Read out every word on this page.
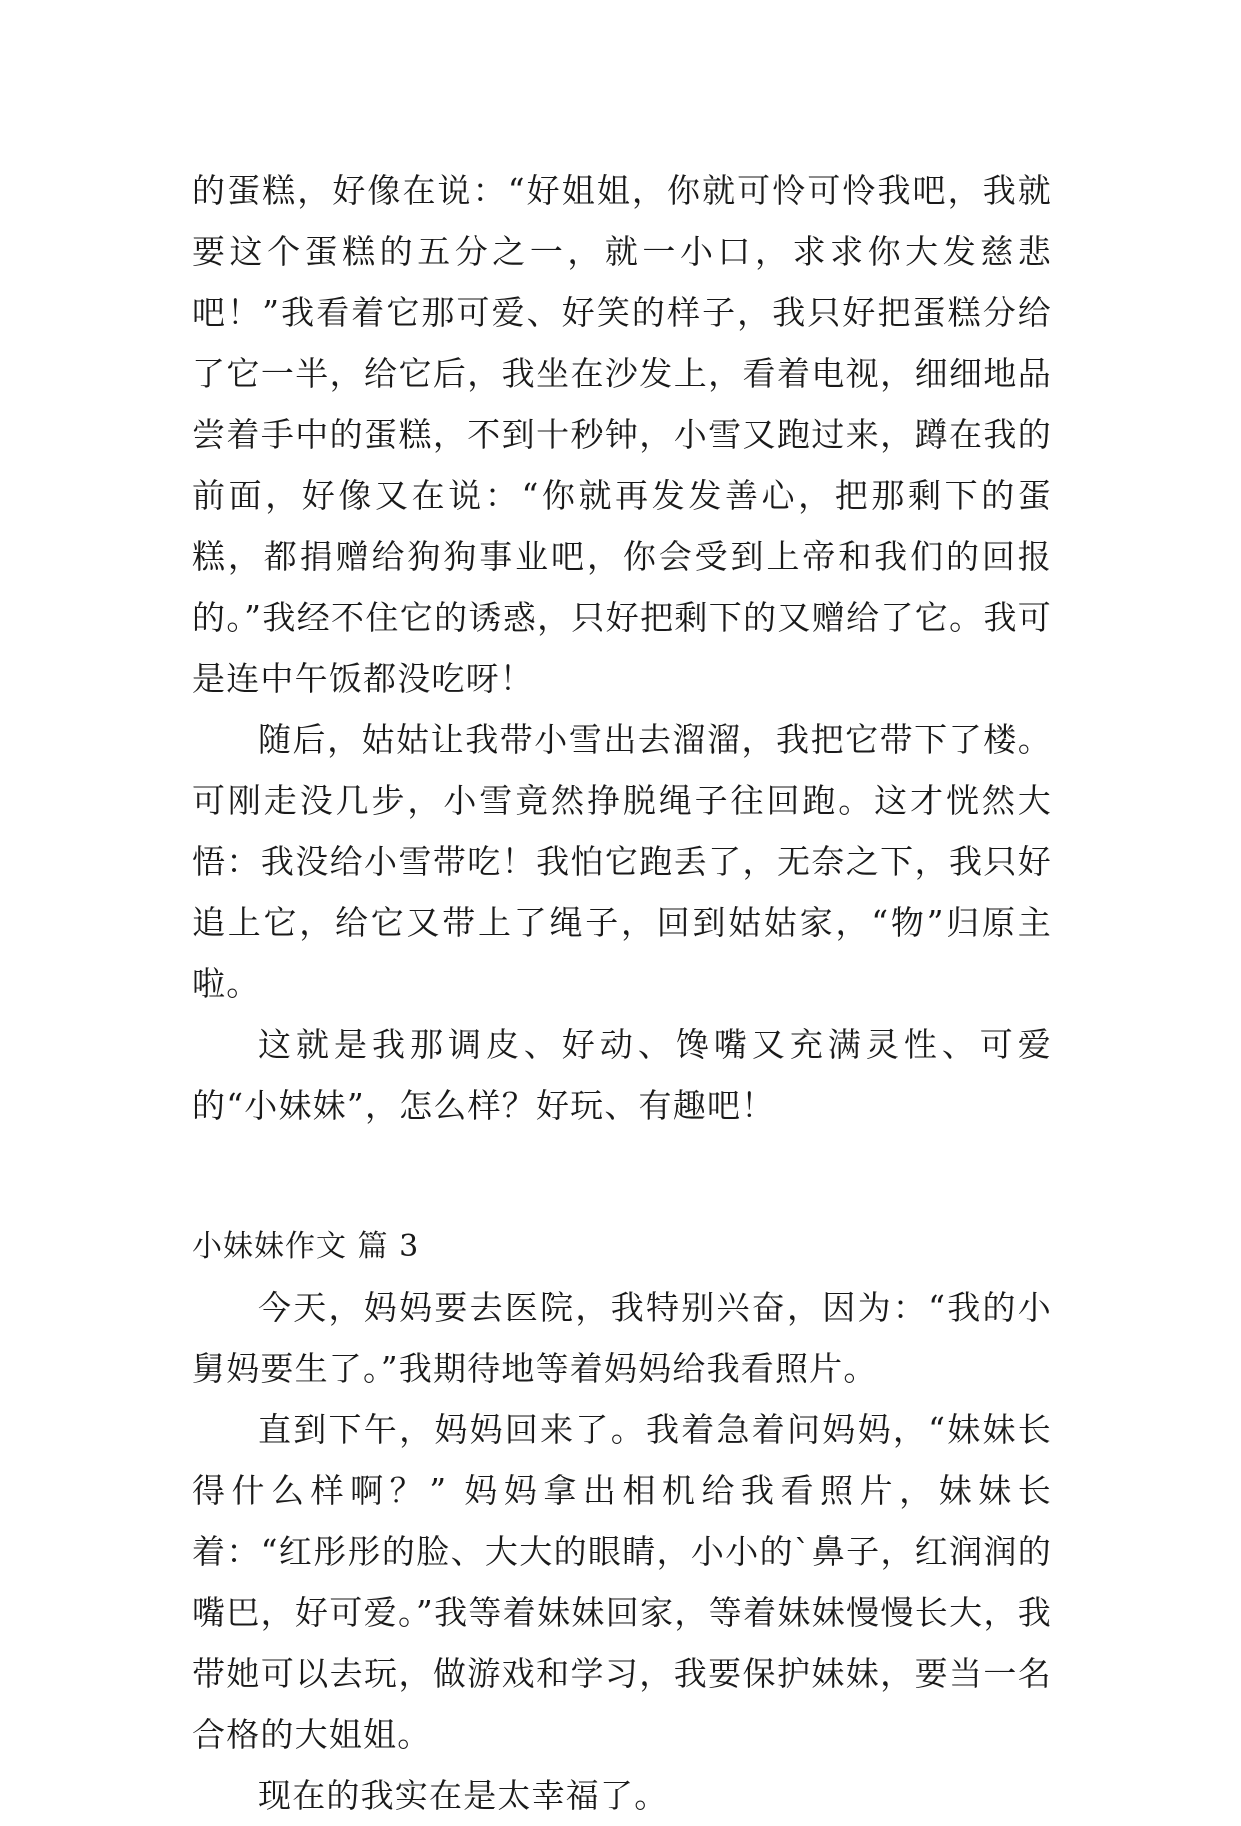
的蛋糕，好像在说：“好姐姐，你就可怜可怜我吧，我就要这个蛋糕的五分之一，就一小口，求求你大发慈悲吧！”我看着它那可爱、好笑的样子，我只好把蛋糕分给了它一半，给它后，我坐在沙发上，看着电视，细细地品尝着手中的蛋糕，不到十秒钟，小雪又跑过来，蹲在我的前面，好像又在说：“你就再发发善心，把那剩下的蛋糕，都捐赠给狗狗事业吧，你会受到上帝和我们的回报的。”我经不住它的诱惑，只好把剩下的又赠给了它。我可是连中午饭都没吃呀！

随后，姑姑让我带小雪出去溜溜，我把它带下了楼。可刚走没几步，小雪竟然挣脱绳子往回跑。这才恍然大悟：我没给小雪带吃！我怕它跑丢了，无奈之下，我只好追上它，给它又带上了绳子，回到姑姑家，“物”归原主啦。

这就是我那调皮、好动、馋嘴又充满灵性、可爱的“小妹妹”，怎么样？好玩、有趣吧！

小妹妹作文 篇 3

今天，妈妈要去医院，我特别兴奋，因为：“我的小舅妈要生了。”我期待地等着妈妈给我看照片。

直到下午，妈妈回来了。我着急着问妈妈，“妹妹长得什么样啊？” 妈妈拿出相机给我看照片，妹妹长着：“红彤彤的脸、大大的眼睛，小小的`鼻子，红润润的嘴巴，好可爱。”我等着妹妹回家，等着妹妹慢慢长大，我带她可以去玩，做游戏和学习，我要保护妹妹，要当一名合格的大姐姐。

现在的我实在是太幸福了。
